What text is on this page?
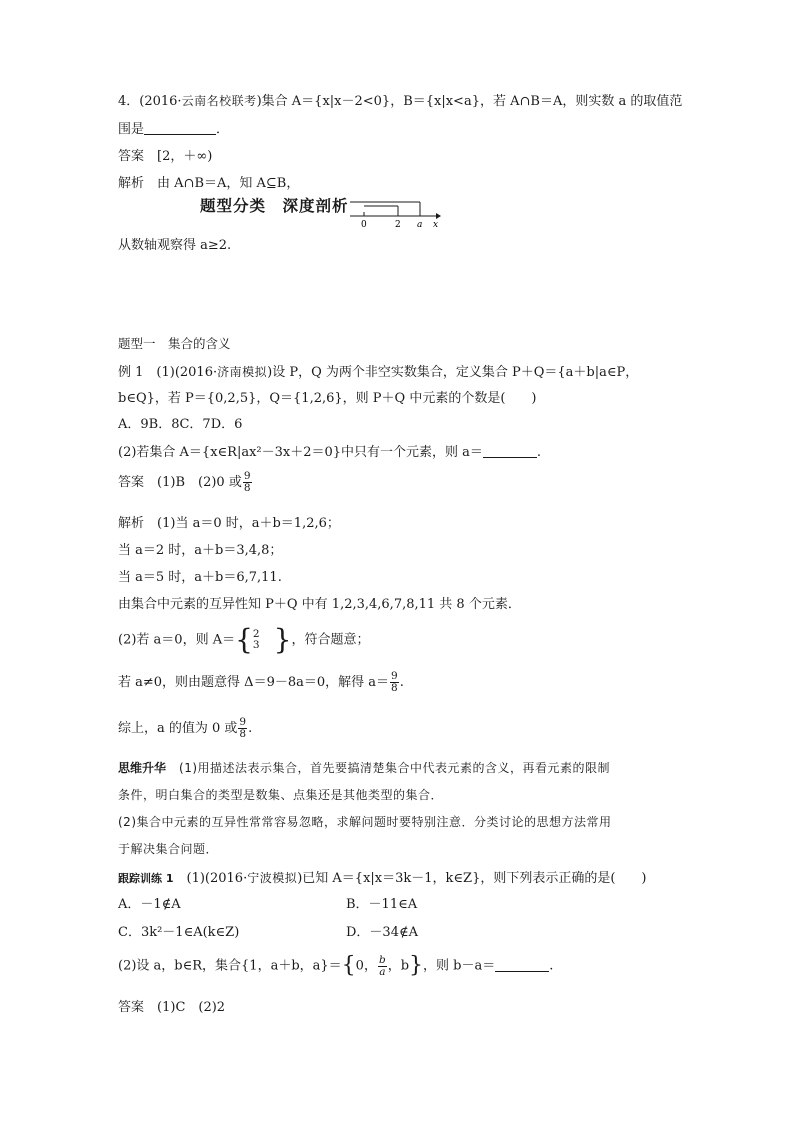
4．(2016·云南名校联考)集合 A＝{x|x－2<0}，B＝{x|x<a}，若 A∩B＝A，则实数 a 的取值范
围是	．
答案　 [2，＋∞)
解析　 由 A∩B＝A，知 A⊆B，
0	2 a x
从数轴观察得 a≥2.
题型分类　深度剖析
题型一　集合的含义
例 1　(1)(2016·济南模拟)设 P，Q 为两个非空实数集合，定义集合 P＋Q＝{a＋b|a∈P，
b∈Q}，若 P＝{0,2,5}，Q＝{1,2,6}，则 P＋Q 中元素的个数是(　　)
A．9B．8C．7D．6
(2)若集合 A＝{x∈R|ax²－3x＋2＝0}中只有一个元素，则 a＝	.
答案　 (1)B　(2)0 或 $\frac{9}{8}$
解析　 (1)当 a＝0 时，a＋b＝1,2,6；
当 a＝2 时，a＋b＝3,4,8；
当 a＝5 时，a＋b＝6,7,11.
由集合中元素的互异性知 P＋Q 中有 1,2,3,4,6,7,8,11 共 8 个元素．
(2)若 a＝0，则 A＝{ 2
3 }，符合题意；
若 a≠0，则由题意得 Δ＝9－8a＝0，解得 $a= \frac{9}{8}$ .
综上，a 的值为 0 或 $\frac{9}{8}$ .
思维升华　 (1)用描述法表示集合，首先要搞清楚集合中代表元素的含义，再看元素的限制
条件，明白集合的类型是数集、点集还是其他类型的集合．
(2)集合中元素的互异性常常容易忽略，求解问题时要特别注意．分类讨论的思想方法常用
于解决集合问题．
跟踪训练 1　 (1)(2016·宁波模拟)已知 A＝{x|x＝3k－1，k∈Z}，则下列表示正确的是(　　)
A．－1∉A	B．－11∈A
C．3k²－1∈A(k∈Z)	D．－34∉A
(2)设 a，b∈R，集合{1，a＋b，a}＝{0， $\frac{b}{a}$ ，b}，则 b－a＝	.
答案　 (1)C　(2)2
